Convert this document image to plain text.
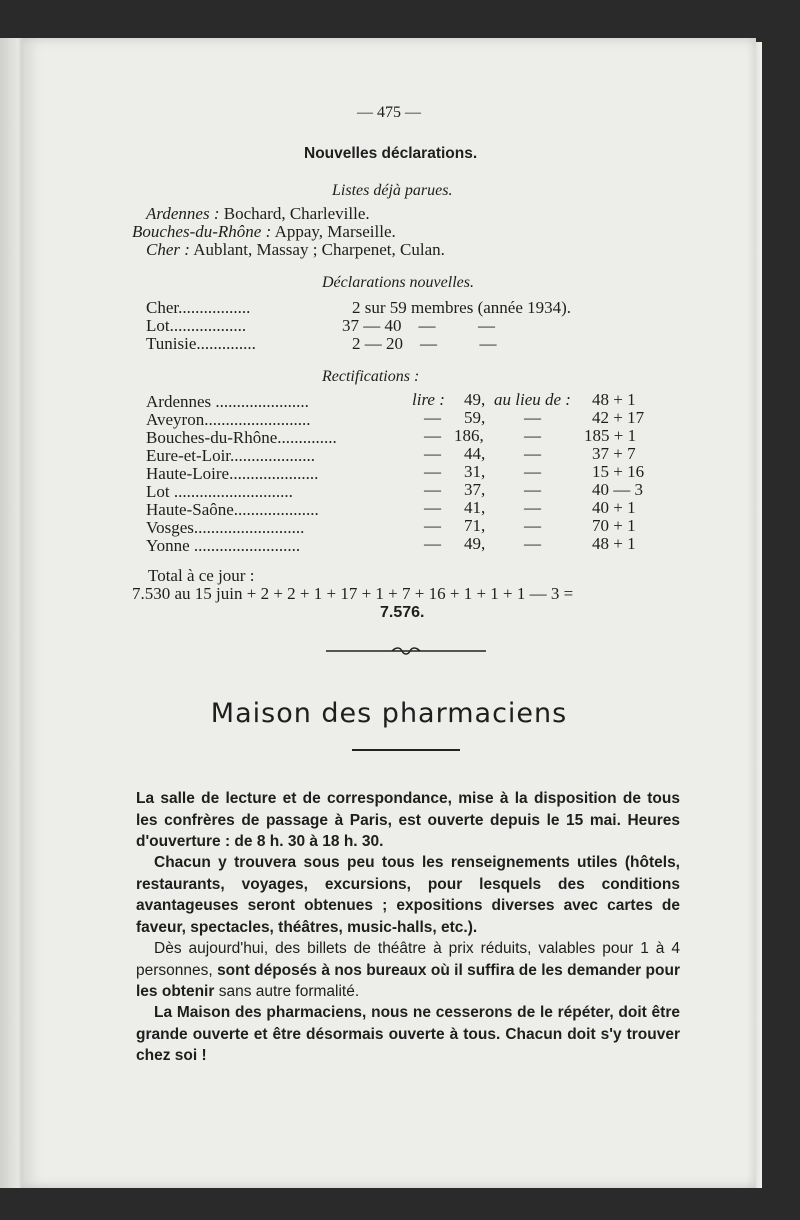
— 475 —
Nouvelles déclarations.
Listes déjà parues.
Ardennes : Bochard, Charleville.
Bouches-du-Rhône : Appay, Marseille.
Cher : Aublant, Massay ; Charpenet, Culan.
Déclarations nouvelles.
Cher.................	2 sur 59 membres (année 1934).
Lot..................	37 — 40    —          —
Tunisie..............	2 — 20    —          —
Rectifications :
Ardennes ......................	lire : 49, au lieu de : 48 + 1
Aveyron.........................	— 59, —	42 + 17
Bouches-du-Rhône..............	— 186, —	185 + 1
Eure-et-Loir....................	— 44, —	37 + 7
Haute-Loire.....................	— 31, —	15 + 16
Lot ............................	— 37, —	40 — 3
Haute-Saône....................	— 41, —	40 + 1
Vosges..........................	— 71, —	70 + 1
Yonne .........................	— 49, —	48 + 1
Total à ce jour :
7.530 au 15 juin + 2 + 2 + 1 + 17 + 1 + 7 + 16 + 1 + 1 + 1 — 3 =
7.576.
Maison des pharmaciens
La salle de lecture et de correspondance, mise à la disposition de tous les confrères de passage à Paris, est ouverte depuis le 15 mai. Heures d'ouverture : de 8 h. 30 à 18 h. 30.
Chacun y trouvera sous peu tous les renseignements utiles (hôtels, restaurants, voyages, excursions, pour lesquels des conditions avantageuses seront obtenues ; expositions diverses avec cartes de faveur, spectacles, théâtres, music-halls, etc.).
Dès aujourd'hui, des billets de théâtre à prix réduits, valables pour 1 à 4 personnes, sont déposés à nos bureaux où il suffira de les demander pour les obtenir sans autre formalité.
La Maison des pharmaciens, nous ne cesserons de le répéter, doit être grande ouverte et être désormais ouverte à tous. Chacun doit s'y trouver chez soi !
